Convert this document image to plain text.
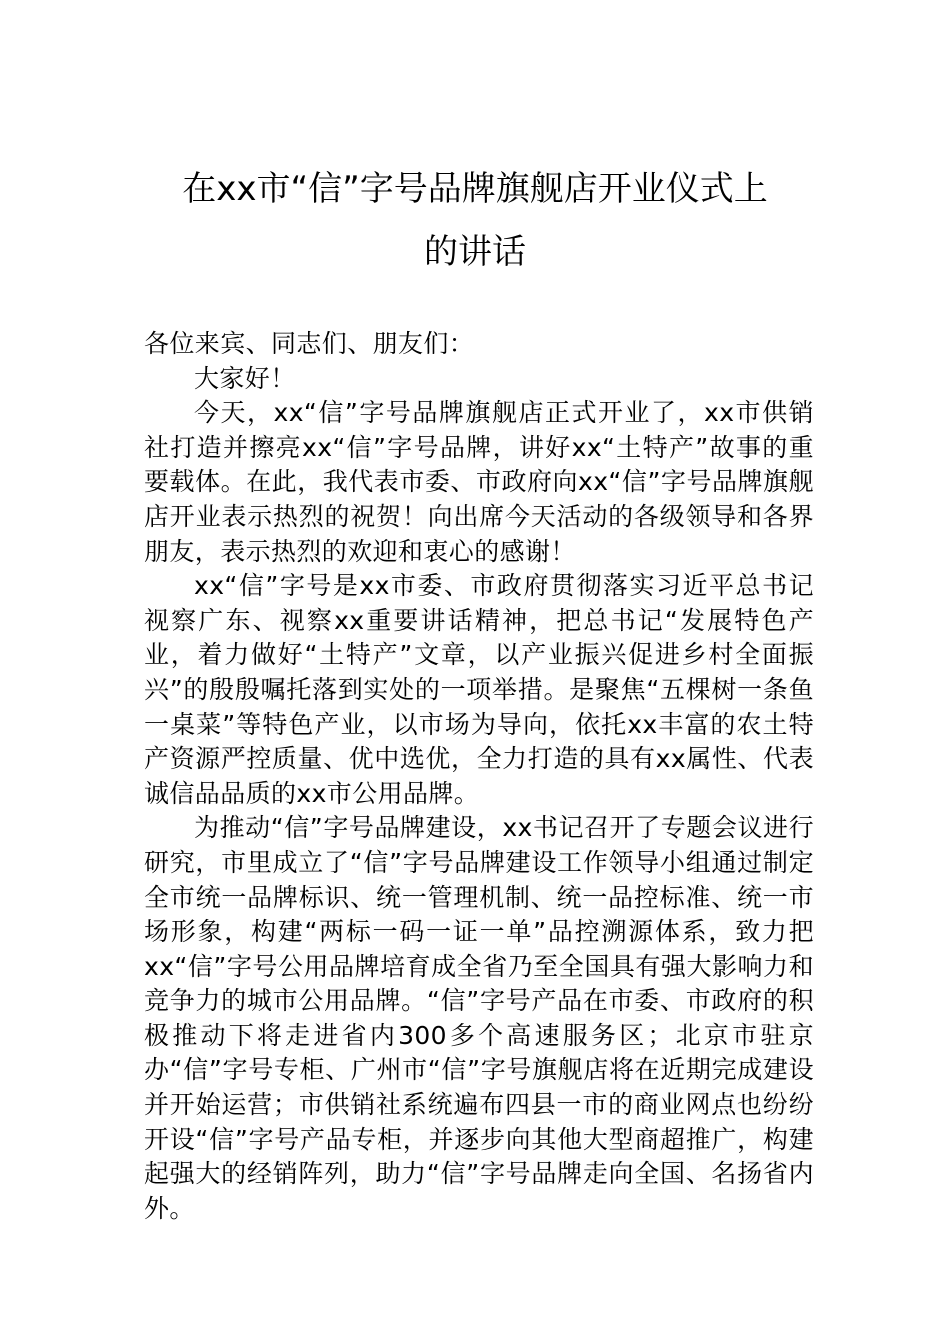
在xx市“信”字号品牌旗舰店开业仪式上
的讲话

各位来宾、同志们、朋友们：

大家好！

今天，xx“信”字号品牌旗舰店正式开业了，xx市供销社打造并擦亮xx“信”字号品牌，讲好xx“土特产”故事的重要载体。在此，我代表市委、市政府向xx“信”字号品牌旗舰店开业表示热烈的祝贺！向出席今天活动的各级领导和各界朋友，表示热烈的欢迎和衷心的感谢！

xx“信”字号是xx市委、市政府贯彻落实习近平总书记视察广东、视察xx重要讲话精神，把总书记“发展特色产业，着力做好“土特产”文章，以产业振兴促进乡村全面振兴”的殷殷嘱托落到实处的一项举措。是聚焦“五棵树一条鱼一桌菜”等特色产业，以市场为导向，依托xx丰富的农土特产资源严控质量、优中选优，全力打造的具有xx属性、代表诚信品品质的xx市公用品牌。

为推动“信”字号品牌建设，xx书记召开了专题会议进行研究，市里成立了“信”字号品牌建设工作领导小组通过制定全市统一品牌标识、统一管理机制、统一品控标准、统一市场形象，构建“两标一码一证一单”品控溯源体系，致力把xx“信”字号公用品牌培育成全省乃至全国具有强大影响力和竞争力的城市公用品牌。“信”字号产品在市委、市政府的积极推动下将走进省内300多个高速服务区；北京市驻京办“信”字号专柜、广州市“信”字号旗舰店将在近期完成建设并开始运营；市供销社系统遍布四县一市的商业网点也纷纷开设“信”字号产品专柜，并逐步向其他大型商超推广，构建起强大的经销阵列，助力“信”字号品牌走向全国、名扬省内外。
